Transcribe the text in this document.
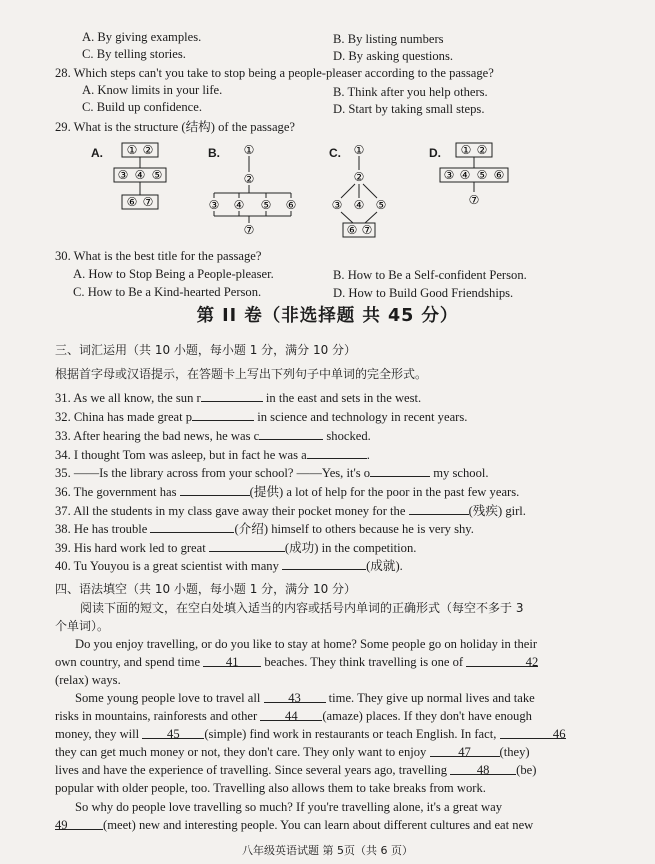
A. By giving examples.	B. By listing numbers
C. By telling stories.	D. By asking questions.
28. Which steps can't you take to stop being a people-pleaser according to the passage?
A. Know limits in your life.	B. Think after you help others.
C. Build up confidence.	D. Start by taking small steps.
29. What is the structure (结构) of the passage?
A. ① ②
③ ④ ⑤
⑥ ⑦
B. ①
②
③ ④ ⑤ ⑥
⑦
C. ①
②
③ ④ ⑤
⑥ ⑦
D. ① ②
③ ④ ⑤ ⑥
⑦
30. What is the best title for the passage?
A. How to Stop Being a People-pleaser.	B. How to Be a Self-confident Person.
C. How to Be a Kind-hearted Person.	D. How to Build Good Friendships.
第 II 卷（非选择题 共 45 分）
三、词汇运用（共 10 小题，每小题 1 分，满分 10 分）
根据首字母或汉语提示，在答题卡上写出下列句子中单词的完全形式。
31. As we all know, the sun r	in the east and sets in the west.
32. China has made great p	in science and technology in recent years.
33. After hearing the bad news, he was c	shocked.
34. I thought Tom was asleep, but in fact he was a	.
35. ——Is the library across from your school? ——Yes, it's o	my school.
36. The government has	(提供) a lot of help for the poor in the past few years.
37. All the students in my class gave away their pocket money for the	(残疾) girl.
38. He has trouble	(介绍) himself to others because he is very shy.
39. His hard work led to great	(成功) in the competition.
40. Tu Youyou is a great scientist with many	(成就).
四、语法填空（共 10 小题，每小题 1 分，满分 10 分）
阅读下面的短文，在空白处填入适当的内容或括号内单词的正确形式（每空不多于 3
个单词）。
Do you enjoy travelling, or do you like to stay at home? Some people go on holiday in their
own country, and spend time 41 beaches. They think travelling is one of	42
(relax) ways.
Some young people love to travel all 43 time. They give up normal lives and take
risks in mountains, rainforests and other 44 (amaze) places. If they don't have enough
money, they will 45 (simple) find work in restaurants or teach English. In fact,	46
they can get much money or not, they don't care. They only want to enjoy 47 (they)
lives and have the experience of travelling. Since several years ago, travelling 48 (be)
popular with older people, too. Travelling also allows them to take breaks from work.
So why do people love travelling so much? If you're travelling alone, it's a great way
49	(meet) new and interesting people. You can learn about different cultures and eat new
八年级英语试题 第 5页（共 6 页）
